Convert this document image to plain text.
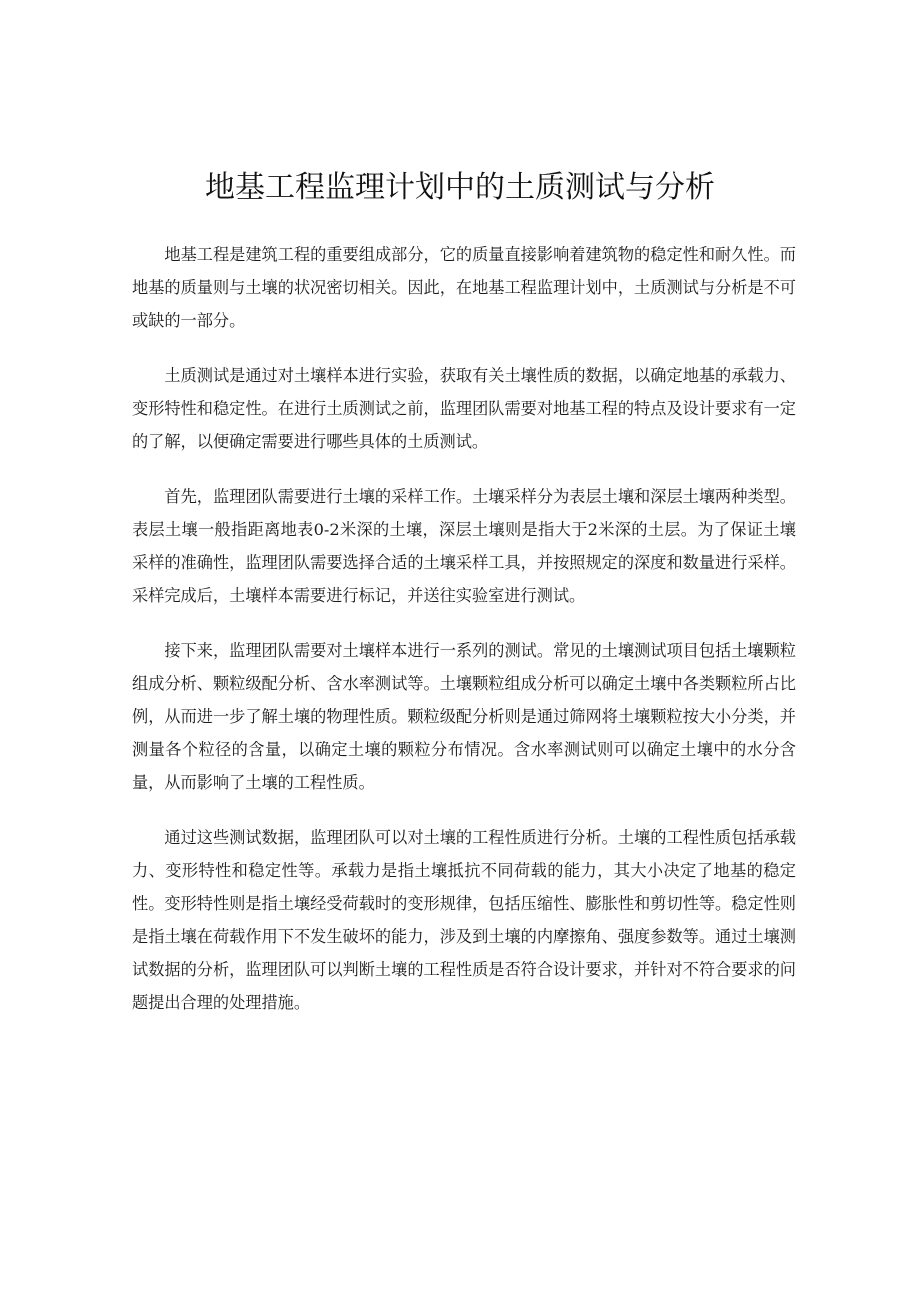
地基工程监理计划中的土质测试与分析

地基工程是建筑工程的重要组成部分，它的质量直接影响着建筑物的稳定性和耐久性。而地基的质量则与土壤的状况密切相关。因此，在地基工程监理计划中，土质测试与分析是不可或缺的一部分。

土质测试是通过对土壤样本进行实验，获取有关土壤性质的数据，以确定地基的承载力、变形特性和稳定性。在进行土质测试之前，监理团队需要对地基工程的特点及设计要求有一定的了解，以便确定需要进行哪些具体的土质测试。

首先，监理团队需要进行土壤的采样工作。土壤采样分为表层土壤和深层土壤两种类型。表层土壤一般指距离地表0-2米深的土壤，深层土壤则是指大于2米深的土层。为了保证土壤采样的准确性，监理团队需要选择合适的土壤采样工具，并按照规定的深度和数量进行采样。采样完成后，土壤样本需要进行标记，并送往实验室进行测试。

接下来，监理团队需要对土壤样本进行一系列的测试。常见的土壤测试项目包括土壤颗粒组成分析、颗粒级配分析、含水率测试等。土壤颗粒组成分析可以确定土壤中各类颗粒所占比例，从而进一步了解土壤的物理性质。颗粒级配分析则是通过筛网将土壤颗粒按大小分类，并测量各个粒径的含量，以确定土壤的颗粒分布情况。含水率测试则可以确定土壤中的水分含量，从而影响了土壤的工程性质。

通过这些测试数据，监理团队可以对土壤的工程性质进行分析。土壤的工程性质包括承载力、变形特性和稳定性等。承载力是指土壤抵抗不同荷载的能力，其大小决定了地基的稳定性。变形特性则是指土壤经受荷载时的变形规律，包括压缩性、膨胀性和剪切性等。稳定性则是指土壤在荷载作用下不发生破坏的能力，涉及到土壤的内摩擦角、强度参数等。通过土壤测试数据的分析，监理团队可以判断土壤的工程性质是否符合设计要求，并针对不符合要求的问题提出合理的处理措施。
